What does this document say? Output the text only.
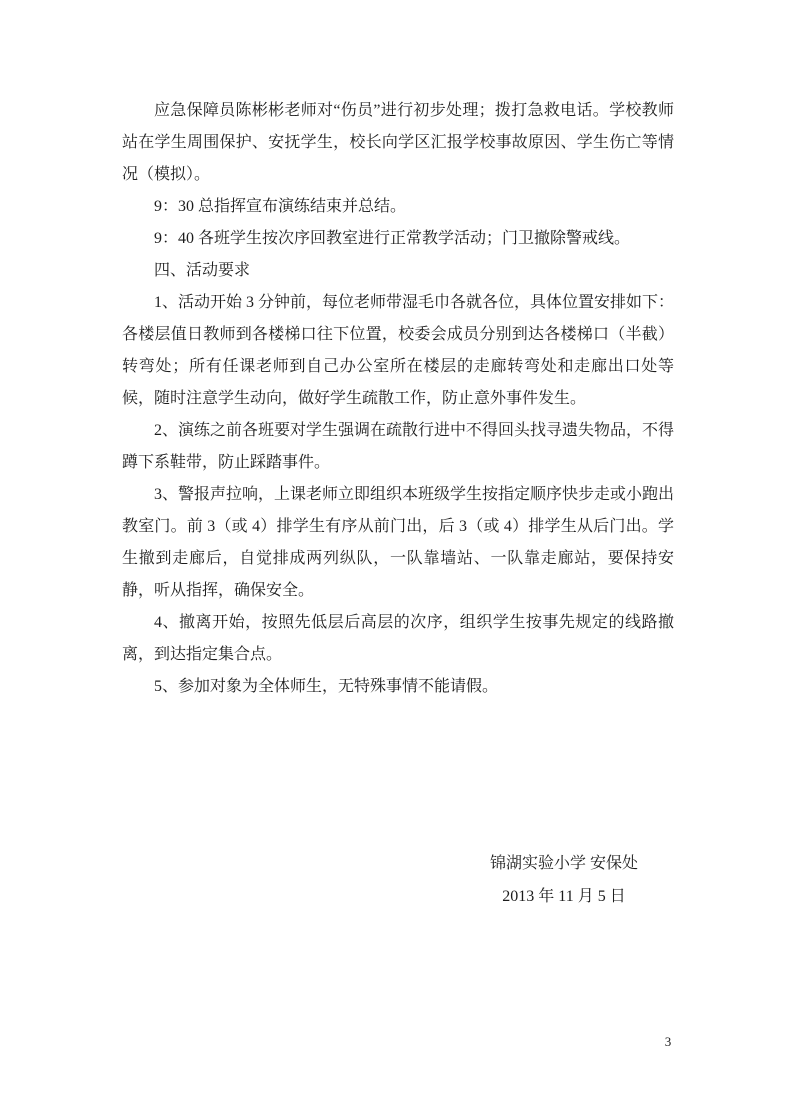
应急保障员陈彬彬老师对“伤员”进行初步处理；拨打急救电话。学校教师站在学生周围保护、安抚学生，校长向学区汇报学校事故原因、学生伤亡等情况（模拟）。

9：30 总指挥宣布演练结束并总结。

9：40 各班学生按次序回教室进行正常教学活动；门卫撤除警戒线。

四、活动要求

1、活动开始 3 分钟前，每位老师带湿毛巾各就各位，具体位置安排如下：各楼层值日教师到各楼梯口往下位置，校委会成员分别到达各楼梯口（半截）转弯处；所有任课老师到自己办公室所在楼层的走廊转弯处和走廊出口处等候，随时注意学生动向，做好学生疏散工作，防止意外事件发生。

2、演练之前各班要对学生强调在疏散行进中不得回头找寻遗失物品，不得蹲下系鞋带，防止踩踏事件。

3、警报声拉响，上课老师立即组织本班级学生按指定顺序快步走或小跑出教室门。前 3（或 4）排学生有序从前门出，后 3（或 4）排学生从后门出。学生撤到走廊后，自觉排成两列纵队，一队靠墙站、一队靠走廊站，要保持安静，听从指挥，确保安全。

4、撤离开始，按照先低层后高层的次序，组织学生按事先规定的线路撤离，到达指定集合点。

5、参加对象为全体师生，无特殊事情不能请假。

锦湖实验小学 安保处
2013 年 11 月 5 日
3
